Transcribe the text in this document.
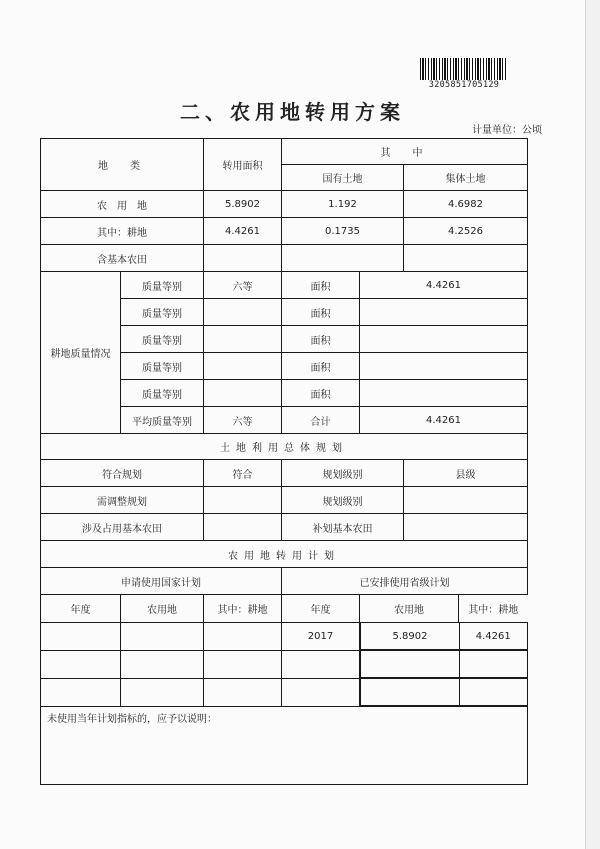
3205851705129
二、农用地转用方案
计量单位：公顷
地　类	转用面积	其　中
国有土地	集体土地
农　用　地	5.8902	1.192	4.6982
其中：耕地	4.4261	0.1735	4.2526
含基本农田			
耕地质量情况	质量等别	六等	面积	4.4261
质量等别		面积	
质量等别		面积	
质量等别		面积	
质量等别		面积	
平均质量等别	六等	合计	4.4261
土地利用总体规划
符合规划	符合	规划级别	县级
需调整规划		规划级别	
涉及占用基本农田		补划基本农田	
农用地转用计划
申请使用国家计划	已安排使用省级计划
年度	农用地	其中：耕地	年度		农用地	其中：耕地

			2017		5.8902	4.4261

未使用当年计划指标的，应予以说明：
